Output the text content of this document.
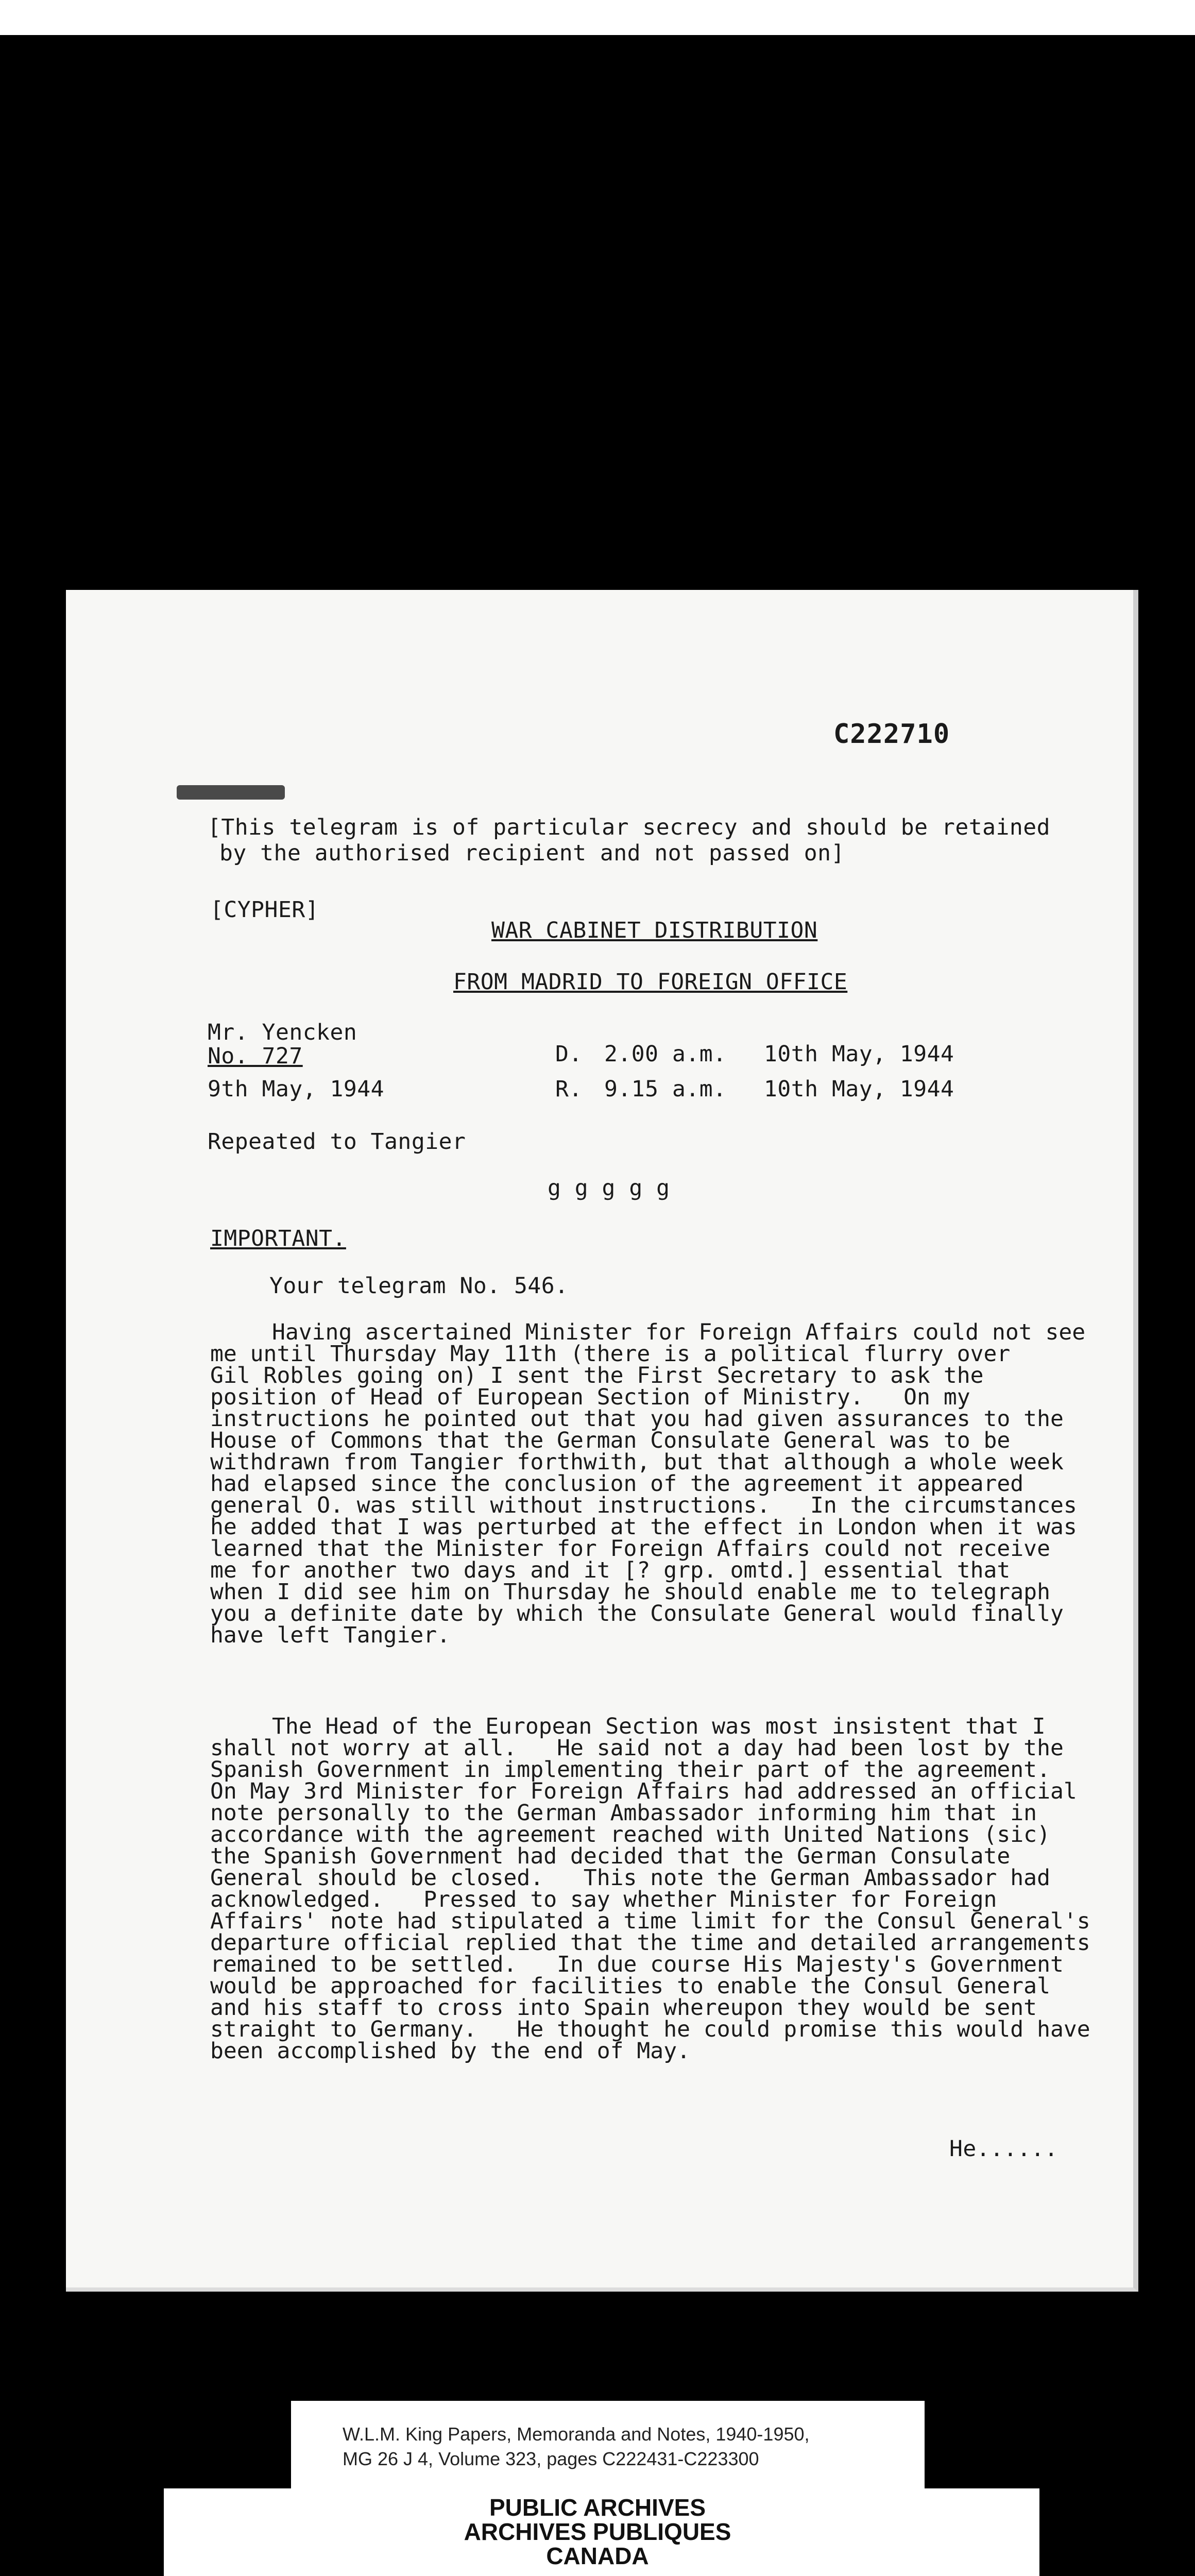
C222710
[This telegram is of particular secrecy and should be retained
by the authorised recipient and not passed on]
[CYPHER]
WAR CABINET DISTRIBUTION
FROM MADRID TO FOREIGN OFFICE
Mr. Yencken
No. 727
9th May, 1944
D. 2.00 a.m. 10th May, 1944
R. 9.15 a.m. 10th May, 1944
Repeated to Tangier
g g g g g
IMPORTANT.
Your telegram No. 546.
Having ascertained Minister for Foreign Affairs could not see
me until Thursday May 11th (there is a political flurry over
Gil Robles going on) I sent the First Secretary to ask the
position of Head of European Section of Ministry.   On my
instructions he pointed out that you had given assurances to the
House of Commons that the German Consulate General was to be
withdrawn from Tangier forthwith, but that although a whole week
had elapsed since the conclusion of the agreement it appeared
general O. was still without instructions.   In the circumstances
he added that I was perturbed at the effect in London when it was
learned that the Minister for Foreign Affairs could not receive
me for another two days and it [? grp. omtd.] essential that
when I did see him on Thursday he should enable me to telegraph
you a definite date by which the Consulate General would finally
have left Tangier.
The Head of the European Section was most insistent that I
shall not worry at all.   He said not a day had been lost by the
Spanish Government in implementing their part of the agreement.
On May 3rd Minister for Foreign Affairs had addressed an official
note personally to the German Ambassador informing him that in
accordance with the agreement reached with United Nations (sic)
the Spanish Government had decided that the German Consulate
General should be closed.   This note the German Ambassador had
acknowledged.   Pressed to say whether Minister for Foreign
Affairs' note had stipulated a time limit for the Consul General's
departure official replied that the time and detailed arrangements
remained to be settled.   In due course His Majesty's Government
would be approached for facilities to enable the Consul General
and his staff to cross into Spain whereupon they would be sent
straight to Germany.   He thought he could promise this would have
been accomplished by the end of May.
He......
W.L.M. King Papers, Memoranda and Notes, 1940-1950,
MG 26 J 4, Volume 323, pages C222431-C223300
PUBLIC ARCHIVES
ARCHIVES PUBLIQUES
CANADA
